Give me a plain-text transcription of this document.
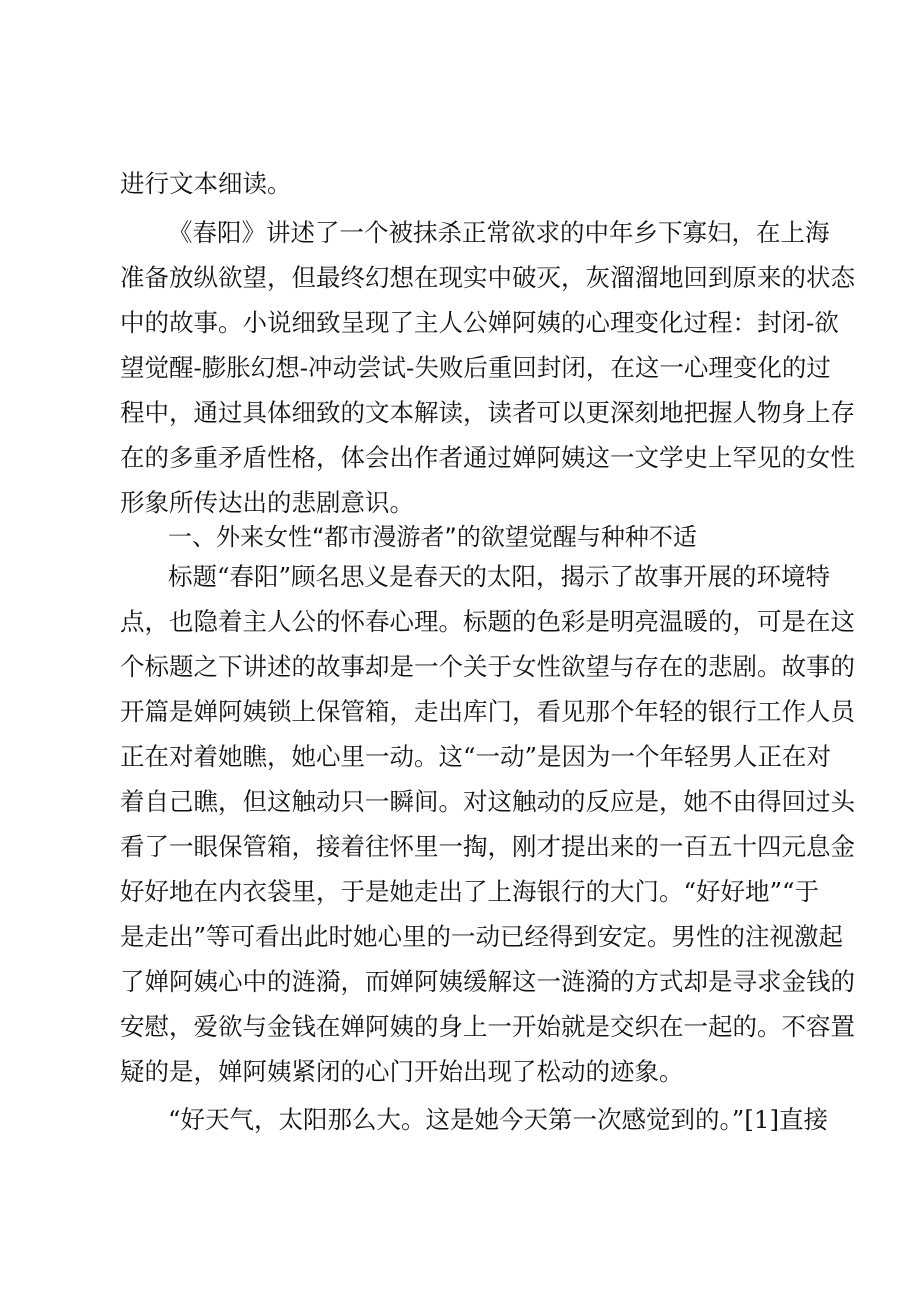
进行文本细读。
《春阳》讲述了一个被抹杀正常欲求的中年乡下寡妇，在上海
准备放纵欲望，但最终幻想在现实中破灭，灰溜溜地回到原来的状态
中的故事。小说细致呈现了主人公婵阿姨的心理变化过程：封闭-欲
望觉醒-膨胀幻想-冲动尝试-失败后重回封闭，在这一心理变化的过
程中，通过具体细致的文本解读，读者可以更深刻地把握人物身上存
在的多重矛盾性格，体会出作者通过婵阿姨这一文学史上罕见的女性
形象所传达出的悲剧意识。
一、外来女性“都市漫游者”的欲望觉醒与种种不适
标题“春阳”顾名思义是春天的太阳，揭示了故事开展的环境特
点，也隐着主人公的怀春心理。标题的色彩是明亮温暖的，可是在这
个标题之下讲述的故事却是一个关于女性欲望与存在的悲剧。故事的
开篇是婵阿姨锁上保管箱，走出库门，看见那个年轻的银行工作人员
正在对着她瞧，她心里一动。这“一动”是因为一个年轻男人正在对
着自己瞧，但这触动只一瞬间。对这触动的反应是，她不由得回过头
看了一眼保管箱，接着往怀里一掏，刚才提出来的一百五十四元息金
好好地在内衣袋里，于是她走出了上海银行的大门。“好好地”“于
是走出”等可看出此时她心里的一动已经得到安定。男性的注视激起
了婵阿姨心中的涟漪，而婵阿姨缓解这一涟漪的方式却是寻求金钱的
安慰，爱欲与金钱在婵阿姨的身上一开始就是交织在一起的。不容置
疑的是，婵阿姨紧闭的心门开始出现了松动的迹象。
“好天气，太阳那么大。这是她今天第一次感觉到的。”[1]直接
